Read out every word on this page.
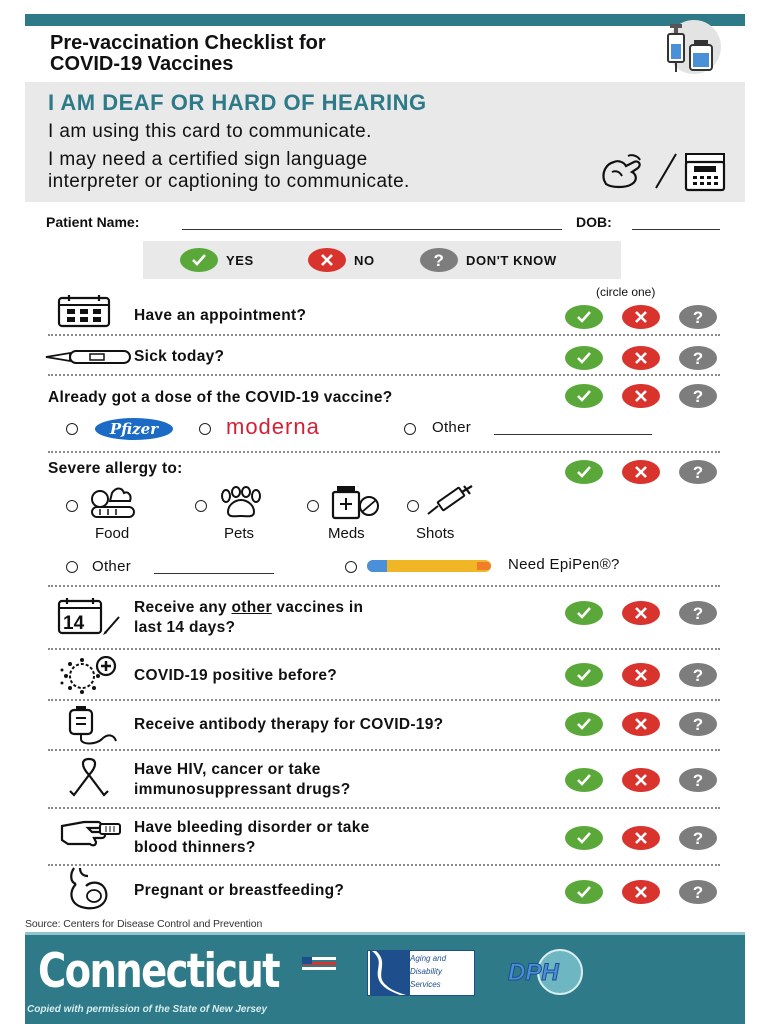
Pre-vaccination Checklist for
COVID-19 Vaccines
I AM DEAF OR HARD OF HEARING
I am using this card to communicate.
I may need a certified sign language
interpreter or captioning to communicate.
Patient Name:	DOB:
YES	NO	? DON'T KNOW
(circle one)
Have an appointment?	?
Sick today?	?
Already got a dose of the COVID-19 vaccine?	?
Pfizer	moderna	Other
Severe allergy to:	?
Food	Pets	Meds	Shots
Other	Need EpiPen®?
14
Receive any other vaccines in
last 14 days?
?
COVID-19 positive before?	?
Receive antibody therapy for COVID-19?	?
Have HIV, cancer or take
immunosuppressant drugs?	?
Have bleeding disorder or take
blood thinners?	?
Pregnant or breastfeeding?	?
Source: Centers for Disease Control and Prevention
Connecticut	Aging and
Disability
Services	DPH
Copied with permission of the State of New Jersey
